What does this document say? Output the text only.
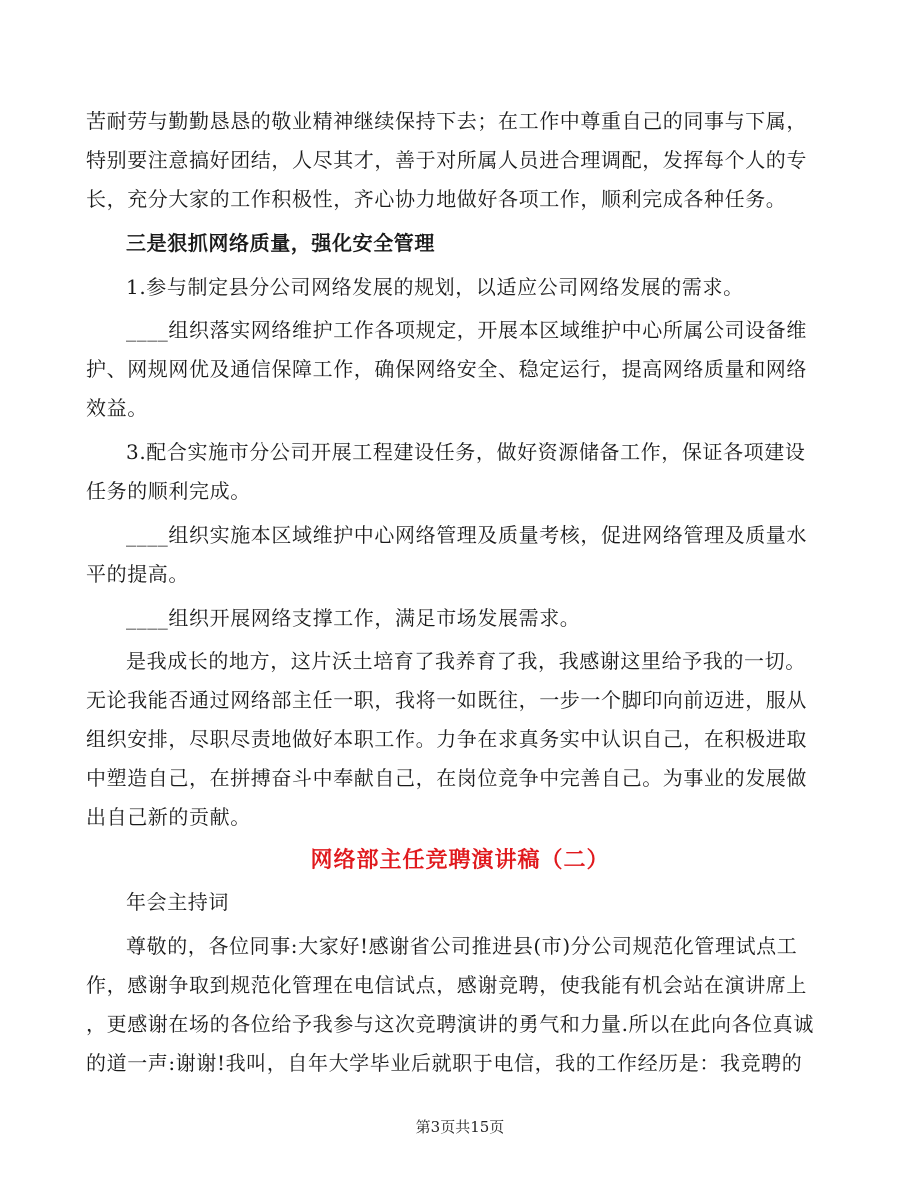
苦耐劳与勤勤恳恳的敬业精神继续保持下去；在工作中尊重自己的同事与下属，
特别要注意搞好团结，人尽其才，善于对所属人员进合理调配，发挥每个人的专
长，充分大家的工作积极性，齐心协力地做好各项工作，顺利完成各种任务。
三是狠抓网络质量，强化安全管理
1.参与制定县分公司网络发展的规划，以适应公司网络发展的需求。
____组织落实网络维护工作各项规定，开展本区域维护中心所属公司设备维
护、网规网优及通信保障工作，确保网络安全、稳定运行，提高网络质量和网络
效益。
3.配合实施市分公司开展工程建设任务，做好资源储备工作，保证各项建设
任务的顺利完成。
____组织实施本区域维护中心网络管理及质量考核，促进网络管理及质量水
平的提高。
____组织开展网络支撑工作，满足市场发展需求。
是我成长的地方，这片沃土培育了我养育了我，我感谢这里给予我的一切。
无论我能否通过网络部主任一职，我将一如既往，一步一个脚印向前迈进，服从
组织安排，尽职尽责地做好本职工作。力争在求真务实中认识自己，在积极进取
中塑造自己，在拼搏奋斗中奉献自己，在岗位竞争中完善自己。为事业的发展做
出自己新的贡献。
网络部主任竞聘演讲稿（二）
年会主持词
尊敬的，各位同事:大家好!感谢省公司推进县(市)分公司规范化管理试点工
作，感谢争取到规范化管理在电信试点，感谢竞聘，使我能有机会站在演讲席上
，更感谢在场的各位给予我参与这次竞聘演讲的勇气和力量.所以在此向各位真诚
的道一声:谢谢!我叫，自年大学毕业后就职于电信，我的工作经历是：我竞聘的
第3页共15页
